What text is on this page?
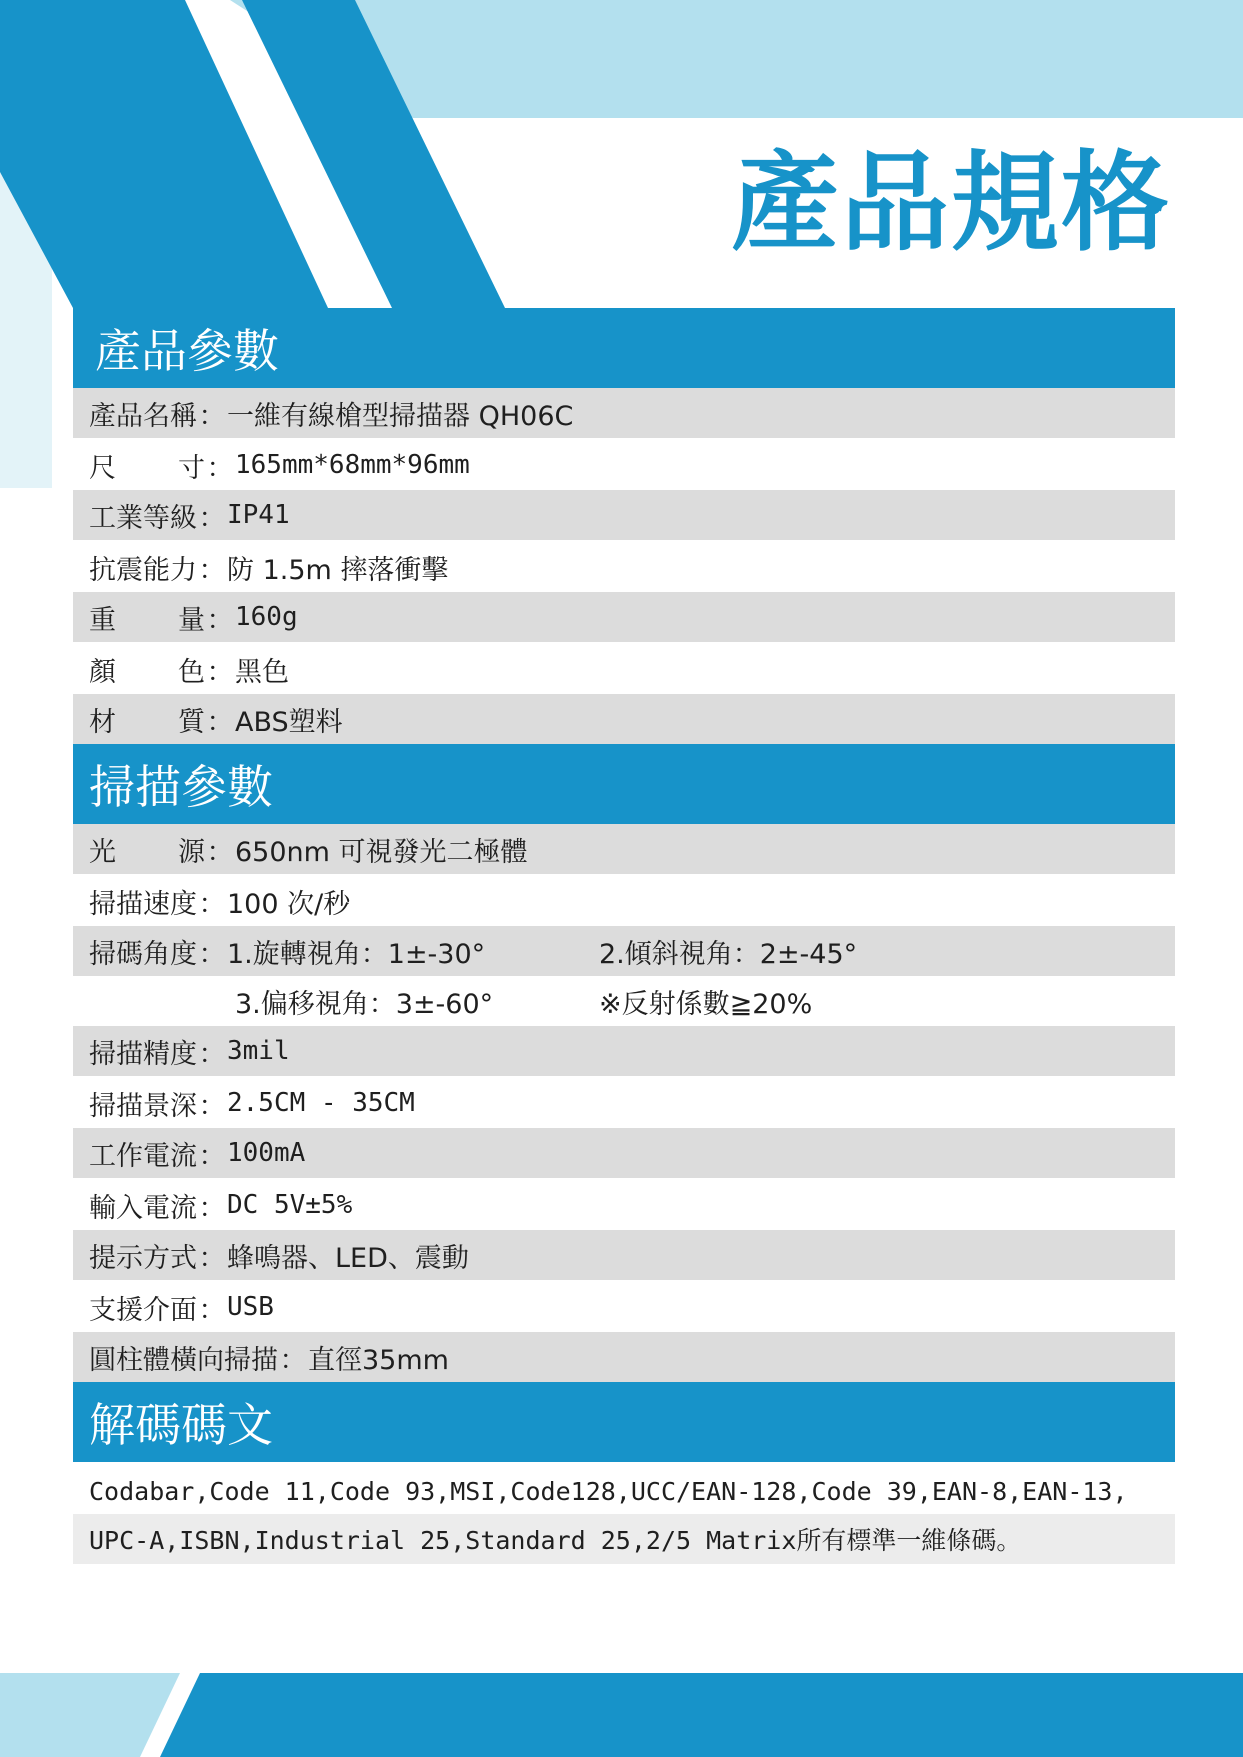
產品規格
產品參數
產品名稱 ： 一維有線槍型掃描器 QH06C
尺 寸 ： 165mm*68mm*96mm
工業等級 ： IP41
抗震能力 ： 防 1.5m 摔落衝擊
重 量 ： 160g
顏 色 ： 黑色
材 質 ： ABS塑料
掃描參數
光 源 ： 650nm 可視發光二極體
掃描速度 ： 100 次/秒
掃碼角度 ： 1.旋轉視角：1±-30°	2.傾斜視角：2±-45°
3.偏移視角：3±-60°	※反射係數≧20%
掃描精度 ： 3mil
掃描景深 ： 2.5CM - 35CM
工作電流 ： 100mA
輸入電流 ： DC 5V±5%
提示方式 ： 蜂鳴器、LED、震動
支援介面 ： USB
圓柱體橫向掃描 ： 直徑35mm
解碼碼文
Codabar,Code 11,Code 93,MSI,Code128,UCC/EAN-128,Code 39,EAN-8,EAN-13,
UPC-A,ISBN,Industrial 25,Standard 25,2/5 Matrix所有標準一維條碼。
